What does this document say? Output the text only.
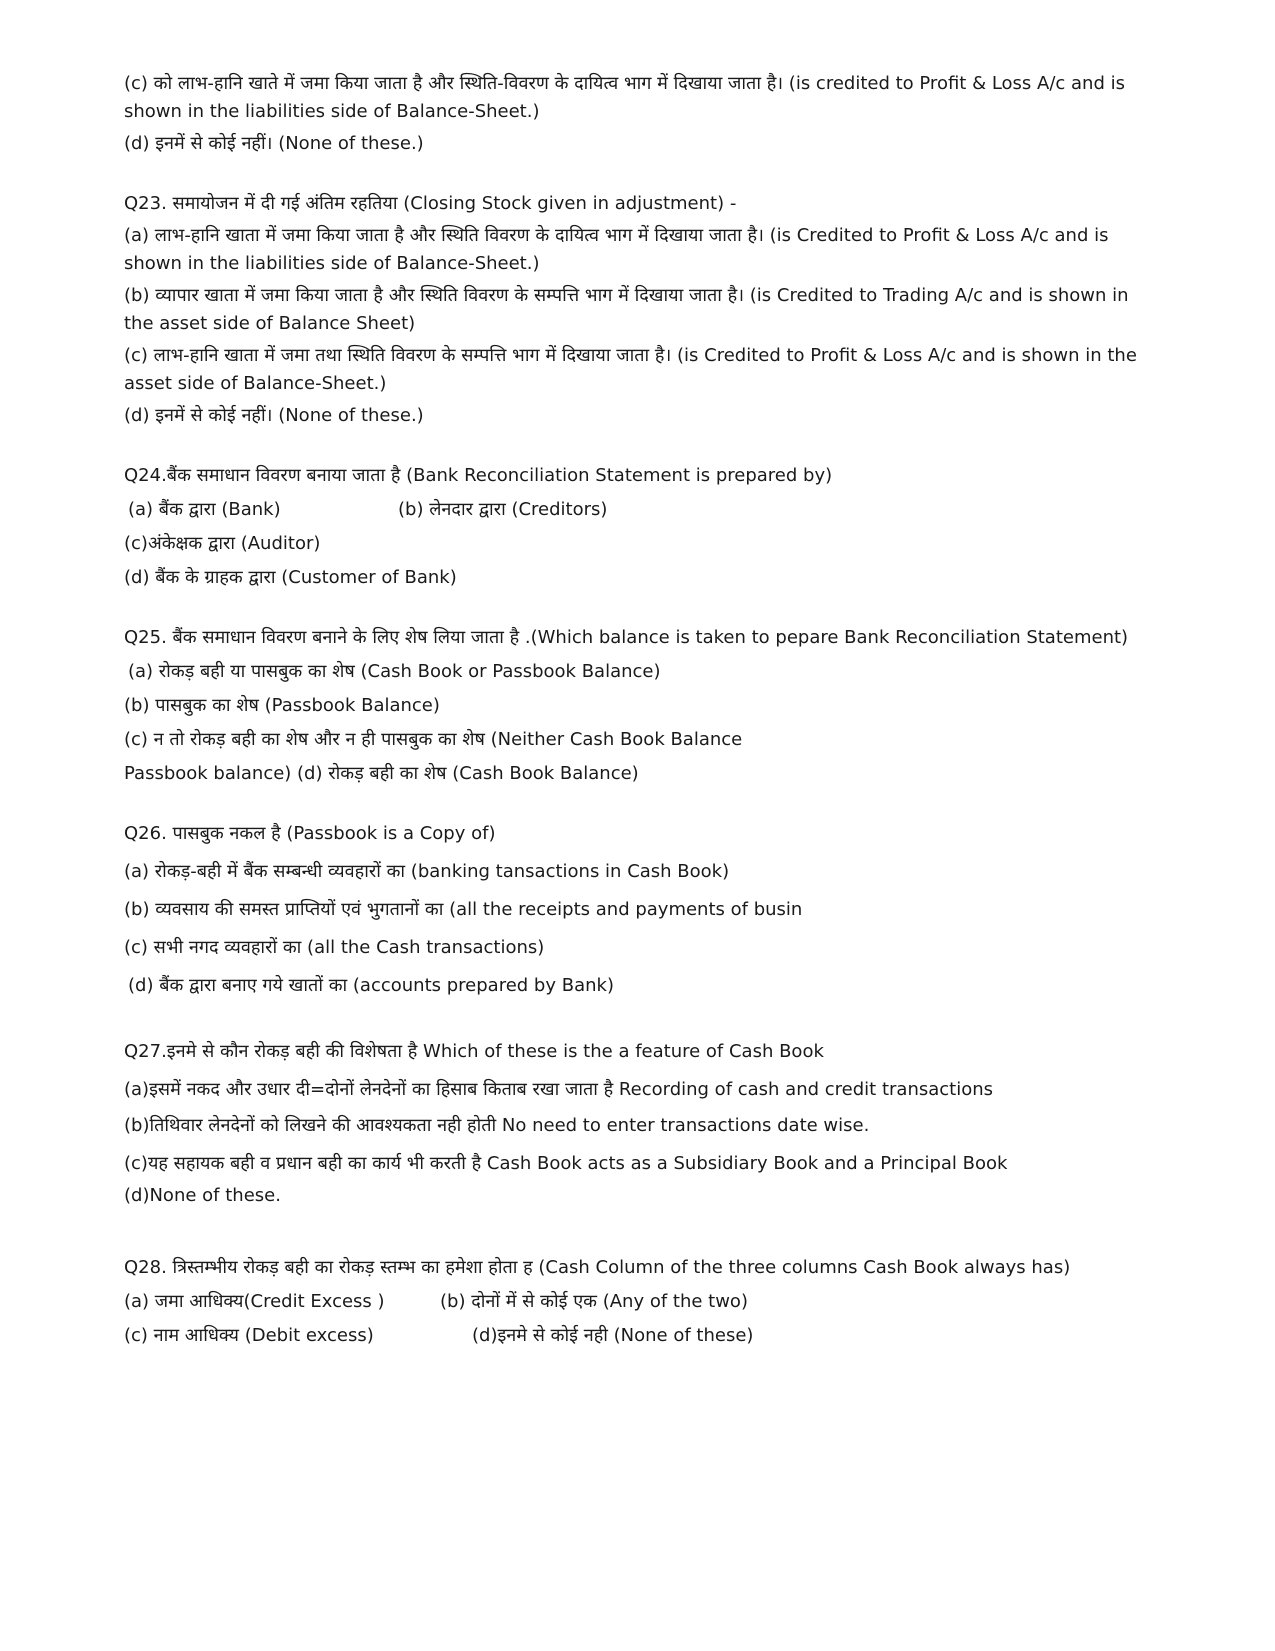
(c) को लाभ-हानि खाते में जमा किया जाता है और स्थिति-विवरण के दायित्व भाग में दिखाया जाता है। (is credited to Profit & Loss A/c and is shown in the liabilities side of Balance-Sheet.)

(d) इनमें से कोई नहीं। (None of these.)

Q23. समायोजन में दी गई अंतिम रहतिया (Closing Stock given in adjustment) -

(a) लाभ-हानि खाता में जमा किया जाता है और स्थिति विवरण के दायित्व भाग में दिखाया जाता है। (is Credited to Profit & Loss A/c and is shown in the liabilities side of Balance-Sheet.)

(b) व्यापार खाता में जमा किया जाता है और स्थिति विवरण के सम्पत्ति भाग में दिखाया जाता है। (is Credited to Trading A/c and is shown in the asset side of Balance Sheet)

(c) लाभ-हानि खाता में जमा तथा स्थिति विवरण के सम्पत्ति भाग में दिखाया जाता है। (is Credited to Profit & Loss A/c and is shown in the asset side of Balance-Sheet.)

(d) इनमें से कोई नहीं। (None of these.)

Q24.बैंक समाधान विवरण बनाया जाता है (Bank Reconciliation Statement is prepared by)

(a) बैंक द्वारा (Bank)	(b) लेनदार द्वारा (Creditors)

(c)अंकेक्षक द्वारा (Auditor)

(d) बैंक के ग्राहक द्वारा (Customer of Bank)

Q25. बैंक समाधान विवरण बनाने के लिए शेष लिया जाता है .(Which balance is taken to pepare Bank Reconciliation Statement)

(a) रोकड़ बही या पासबुक का शेष (Cash Book or Passbook Balance)

(b) पासबुक का शेष (Passbook Balance)

(c) न तो रोकड़ बही का शेष और न ही पासबुक का शेष (Neither Cash Book Balance

Passbook balance) (d) रोकड़ बही का शेष (Cash Book Balance)

Q26. पासबुक नकल है (Passbook is a Copy of)

(a) रोकड़-बही में बैंक सम्बन्धी व्यवहारों का (banking tansactions in Cash Book)

(b) व्यवसाय की समस्त प्राप्तियों एवं भुगतानों का (all the receipts and payments of busin

(c) सभी नगद व्यवहारों का (all the Cash transactions)

(d) बैंक द्वारा बनाए गये खातों का (accounts prepared by Bank)

Q27.इनमे से कौन रोकड़ बही की विशेषता है Which of these is the a feature of Cash Book

(a)इसमें नकद और उधार दी=दोनों लेनदेनों का हिसाब किताब रखा जाता है Recording of cash and credit transactions

(b)तिथिवार लेनदेनों को लिखने की आवश्यकता नही होती No need to enter transactions date wise.

(c)यह सहायक बही व प्रधान बही का कार्य भी करती है Cash Book acts as a Subsidiary Book and a Principal Book

(d)None of these.

Q28. त्रिस्तम्भीय रोकड़ बही का रोकड़ स्तम्भ का हमेशा होता ह (Cash Column of the three columns Cash Book always has)

(a) जमा आधिक्य(Credit Excess )	(b) दोनों में से कोई एक (Any of the two)
(c) नाम आधिक्य (Debit excess)	(d)इनमे से कोई नही (None of these)
